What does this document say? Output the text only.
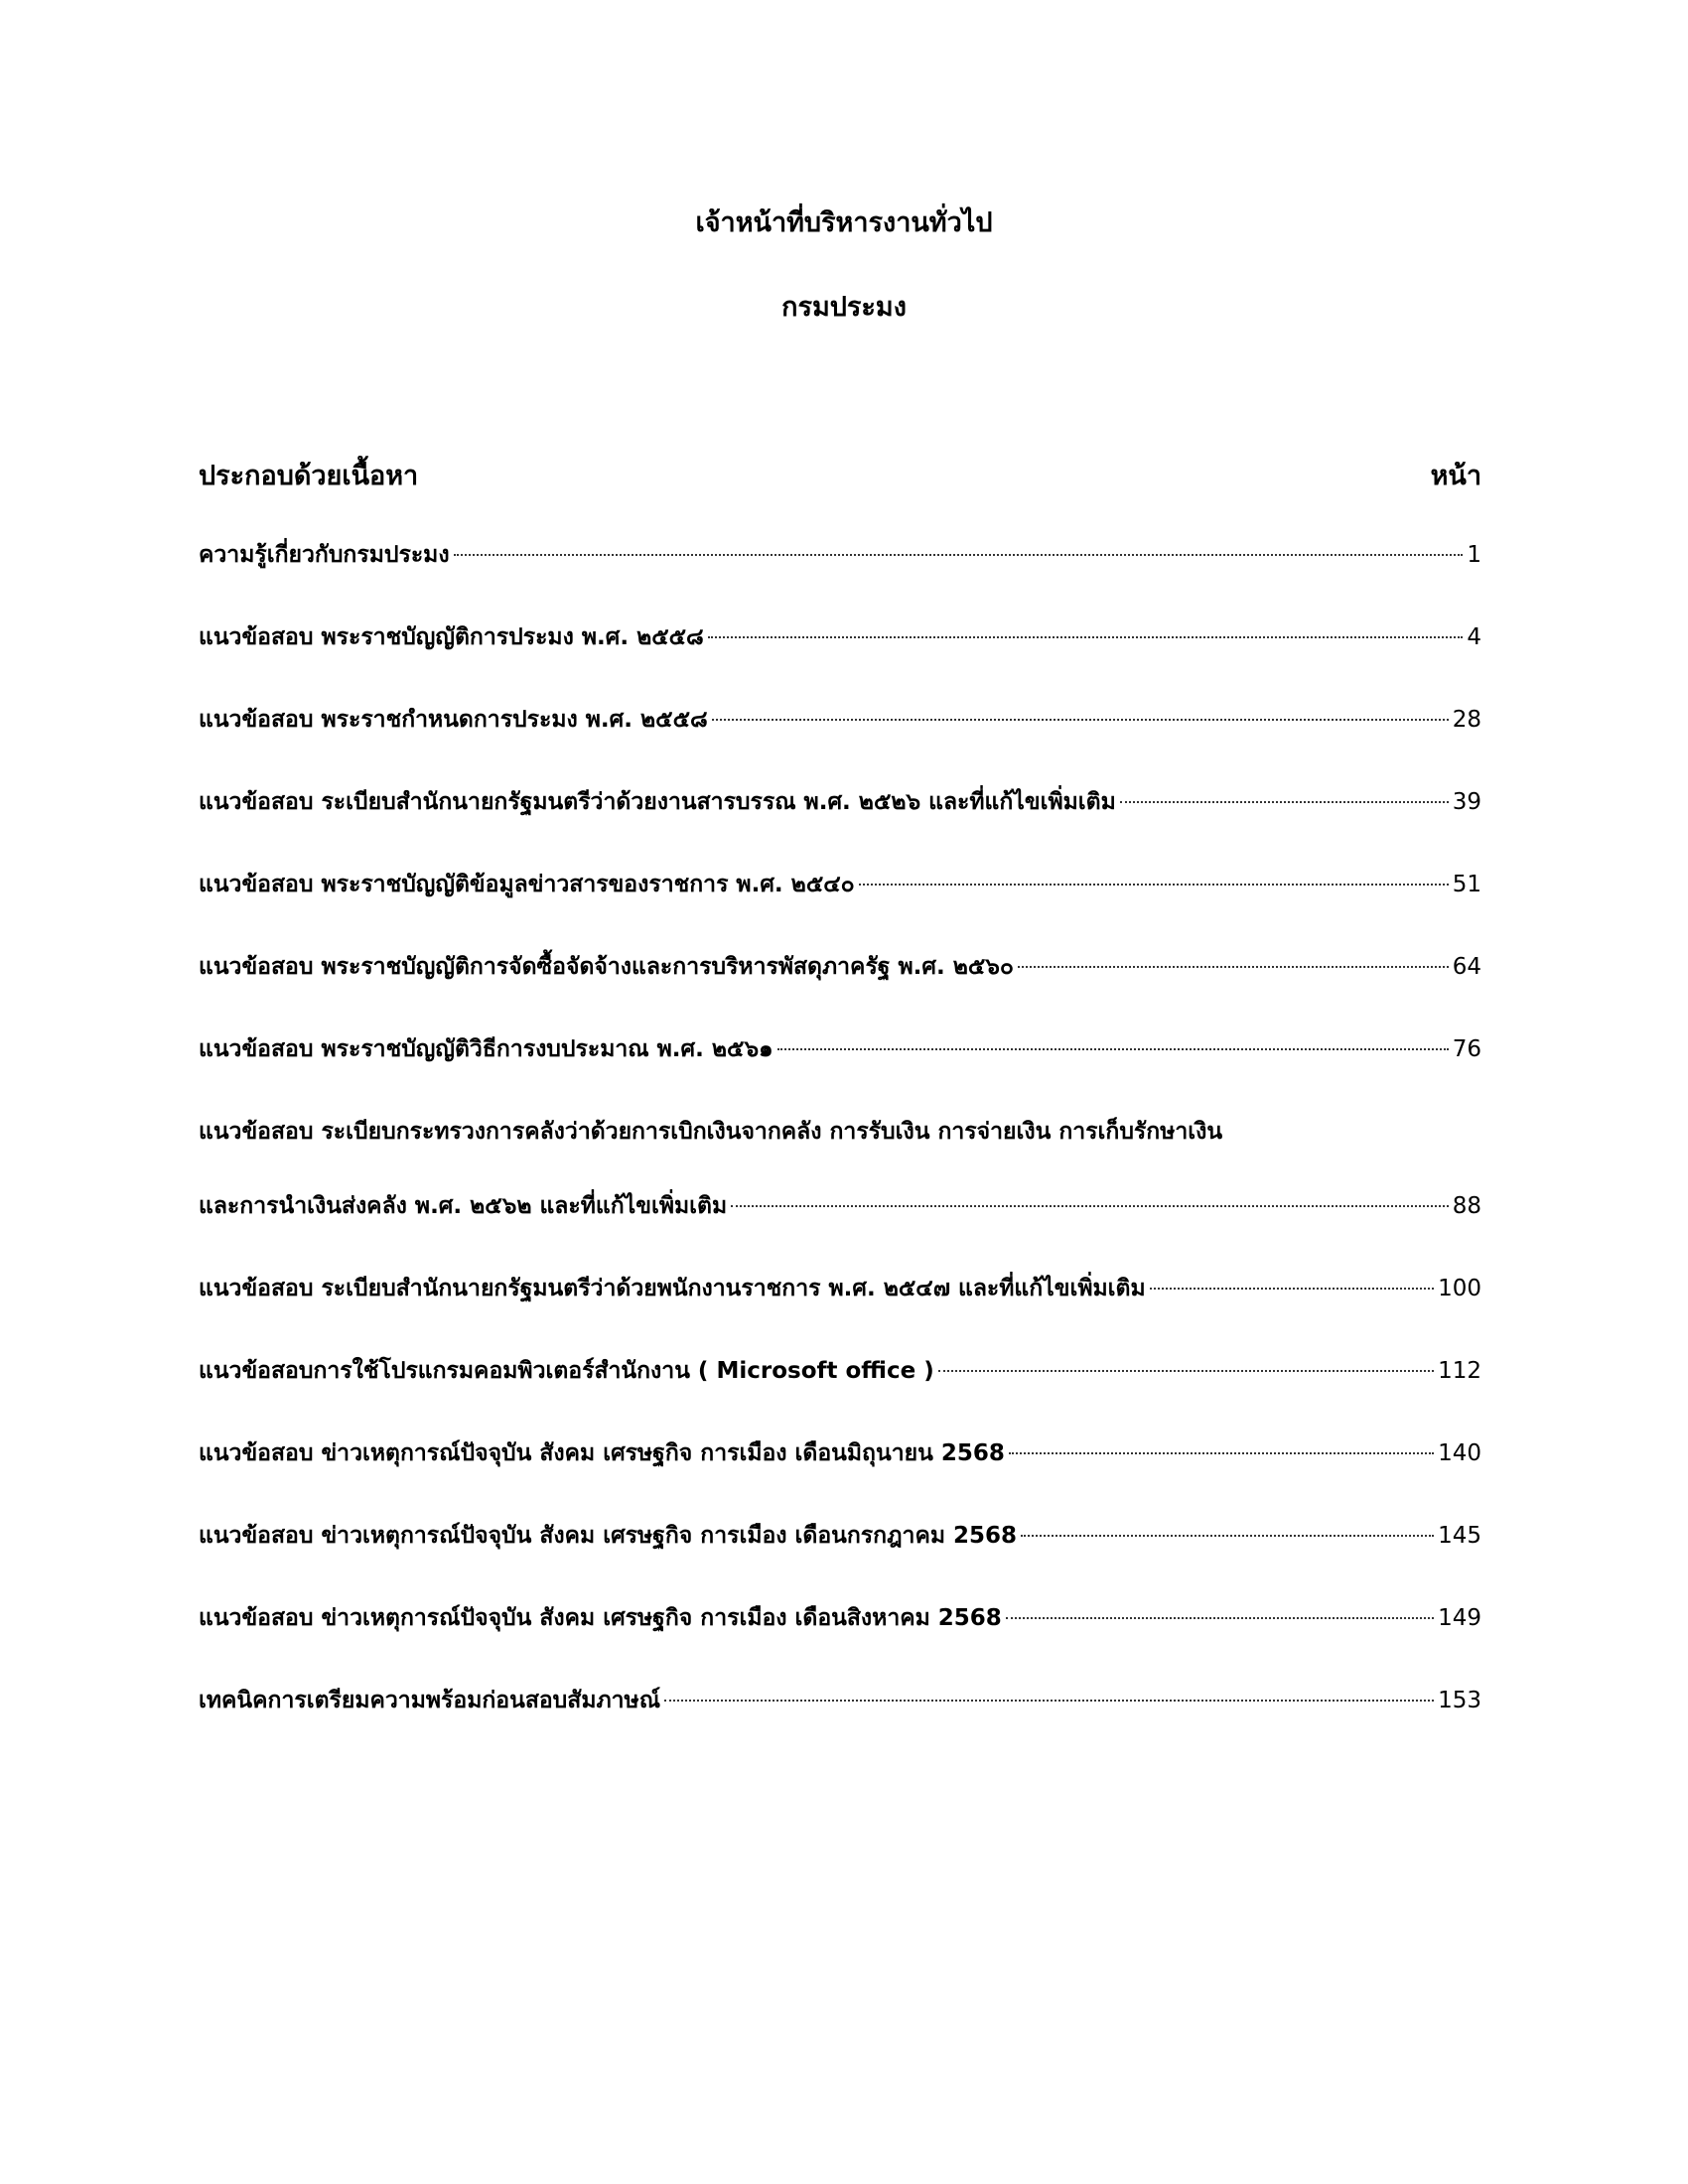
เจ้าหน้าที่บริหารงานทั่วไป
กรมประมง
ประกอบด้วยเนื้อหา	หน้า
ความรู้เกี่ยวกับกรมประมง	1
แนวข้อสอบ พระราชบัญญัติการประมง พ.ศ. ๒๕๕๘	4
แนวข้อสอบ พระราชกำหนดการประมง พ.ศ. ๒๕๕๘	28
แนวข้อสอบ ระเบียบสำนักนายกรัฐมนตรีว่าด้วยงานสารบรรณ พ.ศ. ๒๕๒๖ และที่แก้ไขเพิ่มเติม	39
แนวข้อสอบ พระราชบัญญัติข้อมูลข่าวสารของราชการ พ.ศ. ๒๕๔๐	51
แนวข้อสอบ พระราชบัญญัติการจัดซื้อจัดจ้างและการบริหารพัสดุภาครัฐ พ.ศ. ๒๕๖๐	64
แนวข้อสอบ พระราชบัญญัติวิธีการงบประมาณ พ.ศ. ๒๕๖๑	76
แนวข้อสอบ ระเบียบกระทรวงการคลังว่าด้วยการเบิกเงินจากคลัง การรับเงิน การจ่ายเงิน การเก็บรักษาเงิน
และการนำเงินส่งคลัง พ.ศ. ๒๕๖๒ และที่แก้ไขเพิ่มเติม	88
แนวข้อสอบ ระเบียบสำนักนายกรัฐมนตรีว่าด้วยพนักงานราชการ พ.ศ. ๒๕๔๗ และที่แก้ไขเพิ่มเติม	100
แนวข้อสอบการใช้โปรแกรมคอมพิวเตอร์สำนักงาน ( Microsoft office )	112
แนวข้อสอบ ข่าวเหตุการณ์ปัจจุบัน สังคม เศรษฐกิจ การเมือง เดือนมิถุนายน 2568	140
แนวข้อสอบ ข่าวเหตุการณ์ปัจจุบัน สังคม เศรษฐกิจ การเมือง เดือนกรกฎาคม 2568	145
แนวข้อสอบ ข่าวเหตุการณ์ปัจจุบัน สังคม เศรษฐกิจ การเมือง เดือนสิงหาคม 2568	149
เทคนิคการเตรียมความพร้อมก่อนสอบสัมภาษณ์	153
